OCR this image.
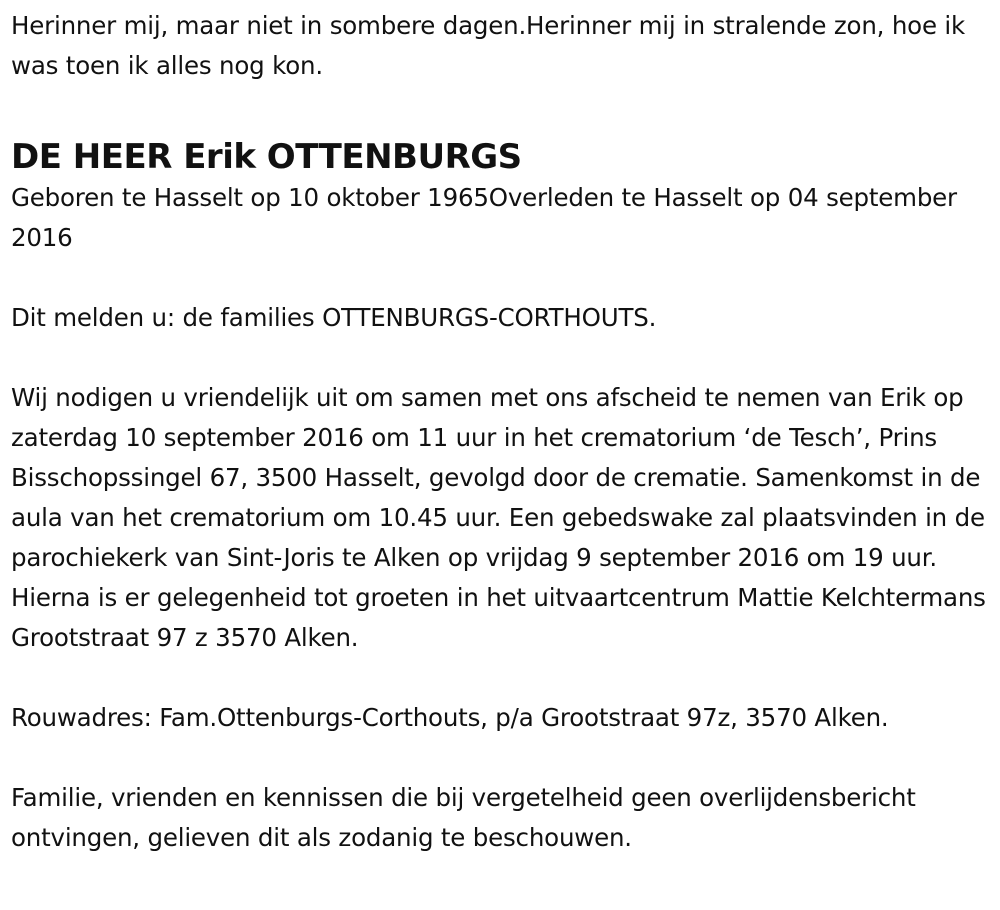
Herinner mij, maar niet in sombere dagen.Herinner mij in stralende zon, hoe ik was toen ik alles nog kon.

DE HEER Erik OTTENBURGS

Geboren te Hasselt op 10 oktober 1965Overleden te Hasselt op 04 september 2016

Dit melden u: de families OTTENBURGS-CORTHOUTS.

Wij nodigen u vriendelijk uit om samen met ons afscheid te nemen van Erik op zaterdag 10 september 2016 om 11 uur in het crematorium ‘de Tesch’, Prins Bisschopssingel 67, 3500 Hasselt, gevolgd door de crematie. Samenkomst in de aula van het crematorium om 10.45 uur. Een gebedswake zal plaatsvinden in de parochiekerk van Sint-Joris te Alken op vrijdag 9 september 2016 om 19 uur. Hierna is er gelegenheid tot groeten in het uitvaartcentrum Mattie Kelchtermans Grootstraat 97 z 3570 Alken.

Rouwadres: Fam.Ottenburgs-Corthouts, p/a Grootstraat 97z, 3570 Alken.

Familie, vrienden en kennissen die bij vergetelheid geen overlijdensbericht ontvingen, gelieven dit als zodanig te beschouwen.
